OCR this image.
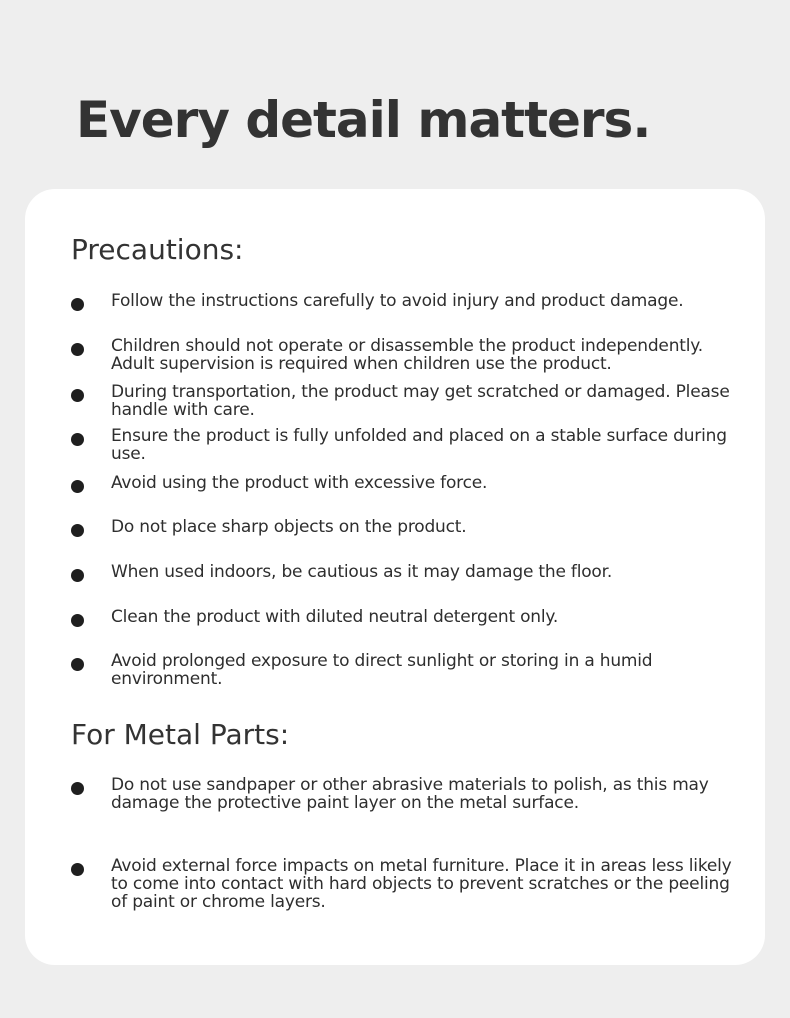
Every detail matters.
Precautions:
Follow the instructions carefully to avoid injury and product damage.
Children should not operate or disassemble the product independently. Adult supervision is required when children use the product.
During transportation, the product may get scratched or damaged. Please handle with care.
Ensure the product is fully unfolded and placed on a stable surface during use.
Avoid using the product with excessive force.
Do not place sharp objects on the product.
When used indoors, be cautious as it may damage the floor.
Clean the product with diluted neutral detergent only.
Avoid prolonged exposure to direct sunlight or storing in a humid environment.
For Metal Parts:
Do not use sandpaper or other abrasive materials to polish, as this may damage the protective paint layer on the metal surface.
Avoid external force impacts on metal furniture. Place it in areas less likely to come into contact with hard objects to prevent scratches or the peeling of paint or chrome layers.
